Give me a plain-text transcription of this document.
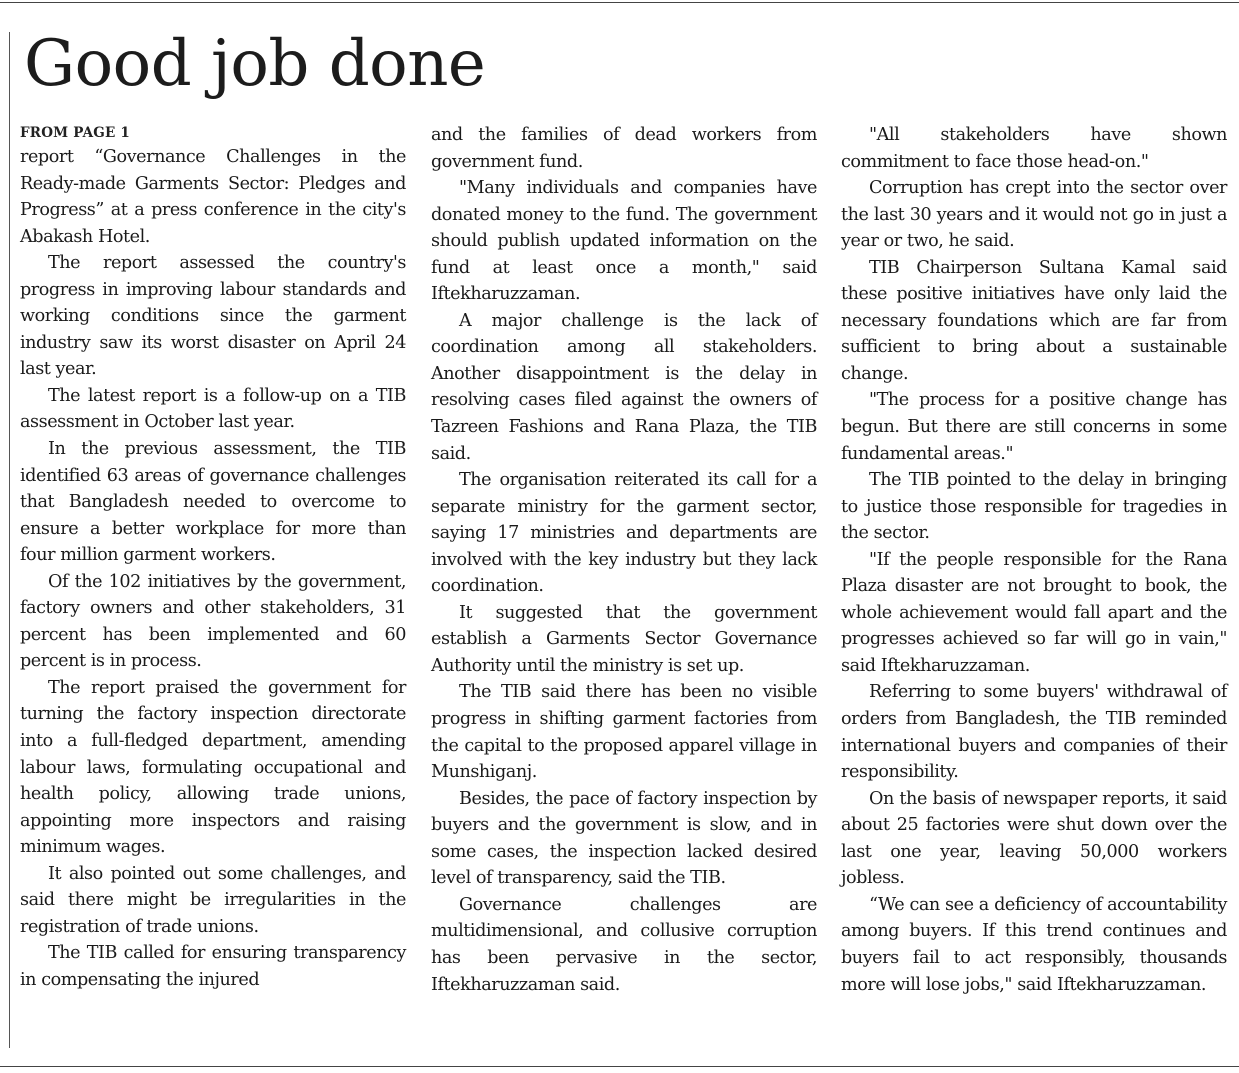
Good job done
FROM PAGE 1

report “Governance Challenges in the Ready-made Garments Sector: Pledges and Progress” at a press conference in the city's Abakash Hotel.

The report assessed the country's progress in improving labour standards and working conditions since the garment industry saw its worst disaster on April 24 last year.

The latest report is a follow-up on a TIB assessment in October last year.

In the previous assessment, the TIB identified 63 areas of governance challenges that Bangladesh needed to overcome to ensure a better workplace for more than four million garment workers.

Of the 102 initiatives by the government, factory owners and other stakeholders, 31 percent has been implemented and 60 percent is in process.

The report praised the government for turning the factory inspection directorate into a full-fledged department, amending labour laws, formulating occupational and health policy, allowing trade unions, appointing more inspectors and raising minimum wages.

It also pointed out some challenges, and said there might be irregularities in the registration of trade unions.

The TIB called for ensuring transparency in compensating the injured

and the families of dead workers from government fund.

"Many individuals and companies have donated money to the fund. The government should publish updated information on the fund at least once a month," said Iftekharuzzaman.

A major challenge is the lack of coordination among all stakeholders. Another disappointment is the delay in resolving cases filed against the owners of Tazreen Fashions and Rana Plaza, the TIB said.

The organisation reiterated its call for a separate ministry for the garment sector, saying 17 ministries and departments are involved with the key industry but they lack coordination.

It suggested that the government establish a Garments Sector Governance Authority until the ministry is set up.

The TIB said there has been no visible progress in shifting garment factories from the capital to the proposed apparel village in Munshiganj.

Besides, the pace of factory inspection by buyers and the government is slow, and in some cases, the inspection lacked desired level of transparency, said the TIB.

Governance challenges are multidimensional, and collusive corruption has been pervasive in the sector, Iftekharuzzaman said.

"All stakeholders have shown commitment to face those head-on."

Corruption has crept into the sector over the last 30 years and it would not go in just a year or two, he said.

TIB Chairperson Sultana Kamal said these positive initiatives have only laid the necessary foundations which are far from sufficient to bring about a sustainable change.

"The process for a positive change has begun. But there are still concerns in some fundamental areas."

The TIB pointed to the delay in bringing to justice those responsible for tragedies in the sector.

"If the people responsible for the Rana Plaza disaster are not brought to book, the whole achievement would fall apart and the progresses achieved so far will go in vain," said Iftekharuzzaman.

Referring to some buyers' withdrawal of orders from Bangladesh, the TIB reminded international buyers and companies of their responsibility.

On the basis of newspaper reports, it said about 25 factories were shut down over the last one year, leaving 50,000 workers jobless.

“We can see a deficiency of accountability among buyers. If this trend continues and buyers fail to act responsibly, thousands more will lose jobs," said Iftekharuzzaman.
